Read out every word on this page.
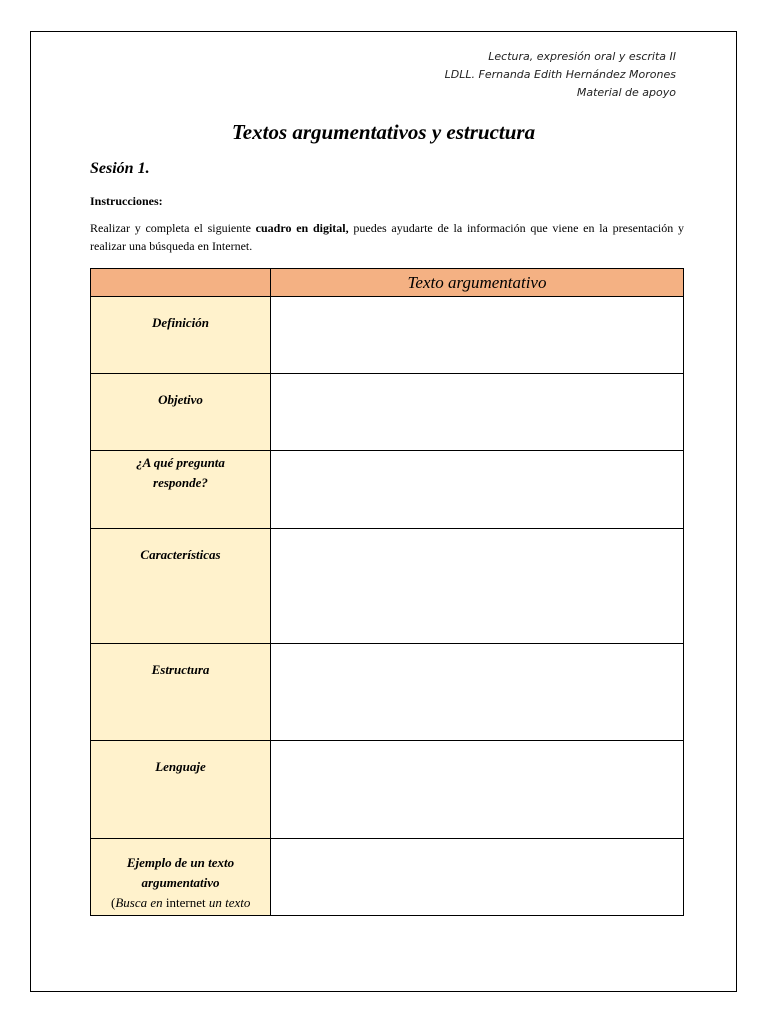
Lectura, expresión oral y escrita II
LDLL. Fernanda Edith Hernández Morones
Material de apoyo
Textos argumentativos y estructura
Sesión 1.
Instrucciones:
Realizar y completa el siguiente cuadro en digital, puedes ayudarte de la información que viene en la presentación y realizar una búsqueda en Internet.
	Texto argumentativo
Definición	
Objetivo	
¿A qué pregunta responde?	
Características	
Estructura	
Lenguaje	

Ejemplo de un texto argumentativo
(Busca en internet un texto	
